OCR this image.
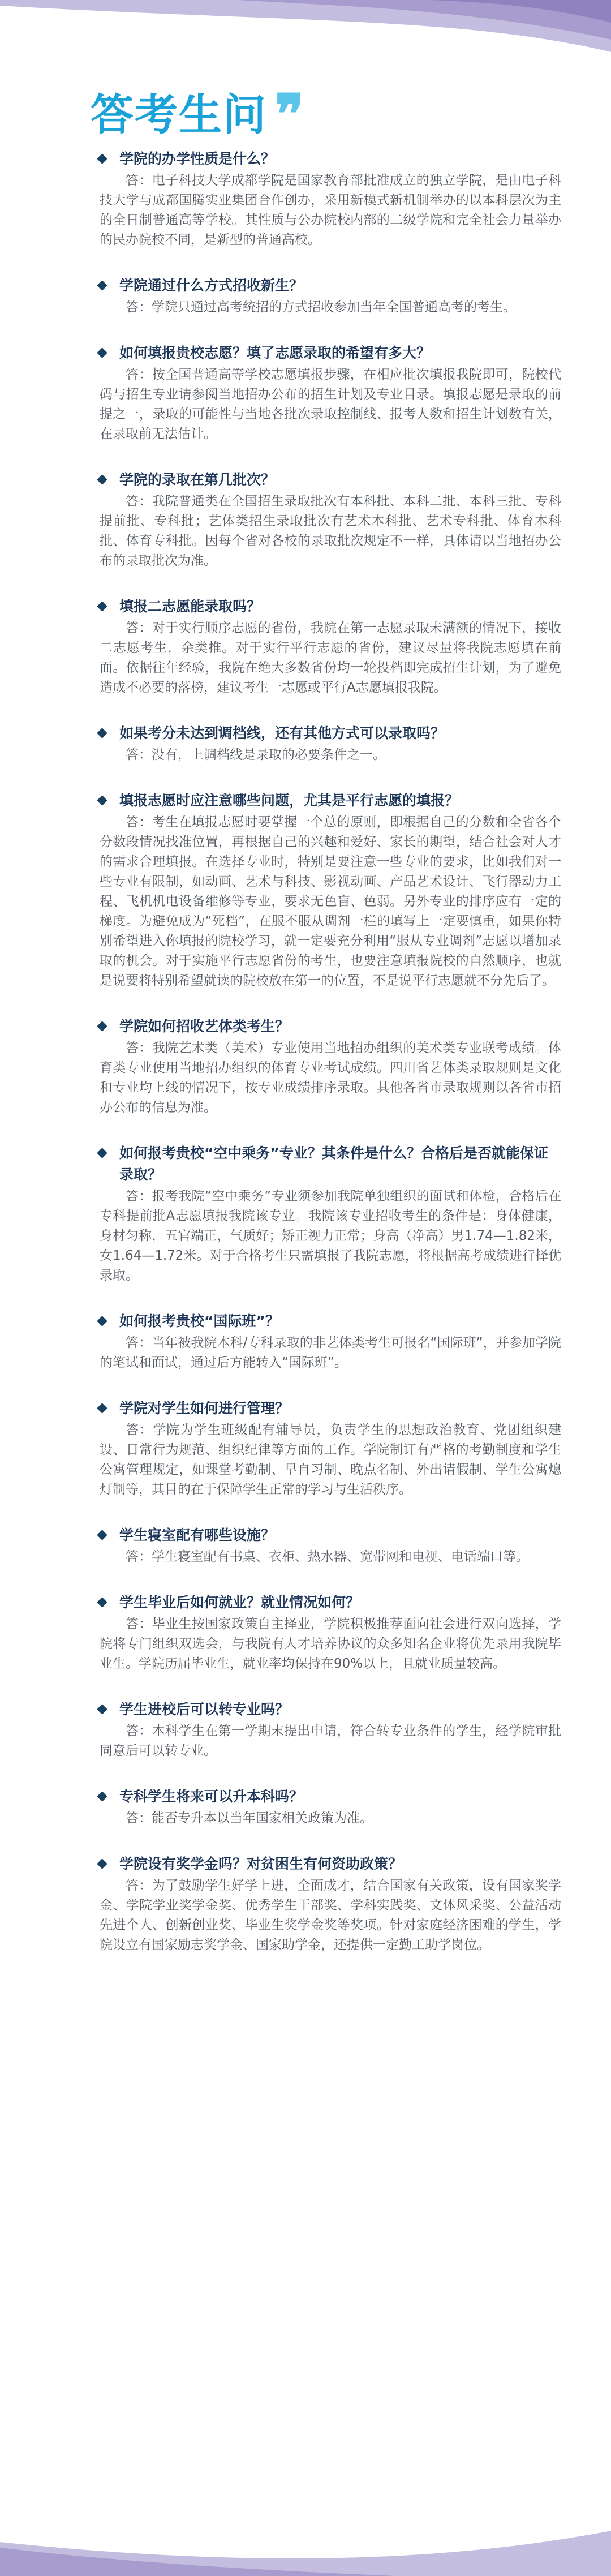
答考生问 ❞
学院的办学性质是什么？
答：电子科技大学成都学院是国家教育部批准成立的独立学院，是由电子科技大学与成都国腾实业集团合作创办，采用新模式新机制举办的以本科层次为主的全日制普通高等学校。其性质与公办院校内部的二级学院和完全社会力量举办的民办院校不同，是新型的普通高校。
学院通过什么方式招收新生？
答：学院只通过高考统招的方式招收参加当年全国普通高考的考生。
如何填报贵校志愿？填了志愿录取的希望有多大？
答：按全国普通高等学校志愿填报步骤，在相应批次填报我院即可，院校代码与招生专业请参阅当地招办公布的招生计划及专业目录。填报志愿是录取的前提之一，录取的可能性与当地各批次录取控制线、报考人数和招生计划数有关，在录取前无法估计。
学院的录取在第几批次？
答：我院普通类在全国招生录取批次有本科批、本科二批、本科三批、专科提前批、专科批；艺体类招生录取批次有艺术本科批、艺术专科批、体育本科批、体育专科批。因每个省对各校的录取批次规定不一样，具体请以当地招办公布的录取批次为准。
填报二志愿能录取吗？
答：对于实行顺序志愿的省份，我院在第一志愿录取未满额的情况下，接收二志愿考生，余类推。对于实行平行志愿的省份，建议尽量将我院志愿填在前面。依据往年经验，我院在绝大多数省份均一轮投档即完成招生计划，为了避免造成不必要的落榜，建议考生一志愿或平行A志愿填报我院。
如果考分未达到调档线，还有其他方式可以录取吗？
答：没有，上调档线是录取的必要条件之一。
填报志愿时应注意哪些问题，尤其是平行志愿的填报？
答：考生在填报志愿时要掌握一个总的原则，即根据自己的分数和全省各个分数段情况找准位置，再根据自己的兴趣和爱好、家长的期望，结合社会对人才的需求合理填报。在选择专业时，特别是要注意一些专业的要求，比如我们对一些专业有限制，如动画、艺术与科技、影视动画、产品艺术设计、飞行器动力工程、飞机机电设备维修等专业，要求无色盲、色弱。另外专业的排序应有一定的梯度。为避免成为“死档”，在服不服从调剂一栏的填写上一定要慎重，如果你特别希望进入你填报的院校学习，就一定要充分利用“服从专业调剂”志愿以增加录取的机会。对于实施平行志愿省份的考生，也要注意填报院校的自然顺序，也就是说要将特别希望就读的院校放在第一的位置，不是说平行志愿就不分先后了。
学院如何招收艺体类考生？
答：我院艺术类（美术）专业使用当地招办组织的美术类专业联考成绩。体育类专业使用当地招办组织的体育专业考试成绩。四川省艺体类录取规则是文化和专业均上线的情况下，按专业成绩排序录取。其他各省市录取规则以各省市招办公布的信息为准。
如何报考贵校“空中乘务”专业？其条件是什么？合格后是否就能保证录取？
答：报考我院“空中乘务”专业须参加我院单独组织的面试和体检，合格后在专科提前批A志愿填报我院该专业。我院该专业招收考生的条件是：身体健康，身材匀称，五官端正，气质好；矫正视力正常；身高（净高）男1.74—1.82米，女1.64—1.72米。对于合格考生只需填报了我院志愿，将根据高考成绩进行择优录取。
如何报考贵校“国际班”？
答：当年被我院本科/专科录取的非艺体类考生可报名“国际班”，并参加学院的笔试和面试，通过后方能转入“国际班”。
学院对学生如何进行管理？
答：学院为学生班级配有辅导员，负责学生的思想政治教育、党团组织建设、日常行为规范、组织纪律等方面的工作。学院制订有严格的考勤制度和学生公寓管理规定，如课堂考勤制、早自习制、晚点名制、外出请假制、学生公寓熄灯制等，其目的在于保障学生正常的学习与生活秩序。
学生寝室配有哪些设施？
答：学生寝室配有书桌、衣柜、热水器、宽带网和电视、电话端口等。
学生毕业后如何就业？就业情况如何？
答：毕业生按国家政策自主择业，学院积极推荐面向社会进行双向选择，学院将专门组织双选会，与我院有人才培养协议的众多知名企业将优先录用我院毕业生。学院历届毕业生，就业率均保持在90%以上，且就业质量较高。
学生进校后可以转专业吗？
答：本科学生在第一学期末提出申请，符合转专业条件的学生，经学院审批同意后可以转专业。
专科学生将来可以升本科吗？
答：能否专升本以当年国家相关政策为准。
学院设有奖学金吗？对贫困生有何资助政策？
答：为了鼓励学生好学上进，全面成才，结合国家有关政策，设有国家奖学金、学院学业奖学金奖、优秀学生干部奖、学科实践奖、文体风采奖、公益活动先进个人、创新创业奖、毕业生奖学金奖等奖项。针对家庭经济困难的学生，学院设立有国家励志奖学金、国家助学金，还提供一定勤工助学岗位。
